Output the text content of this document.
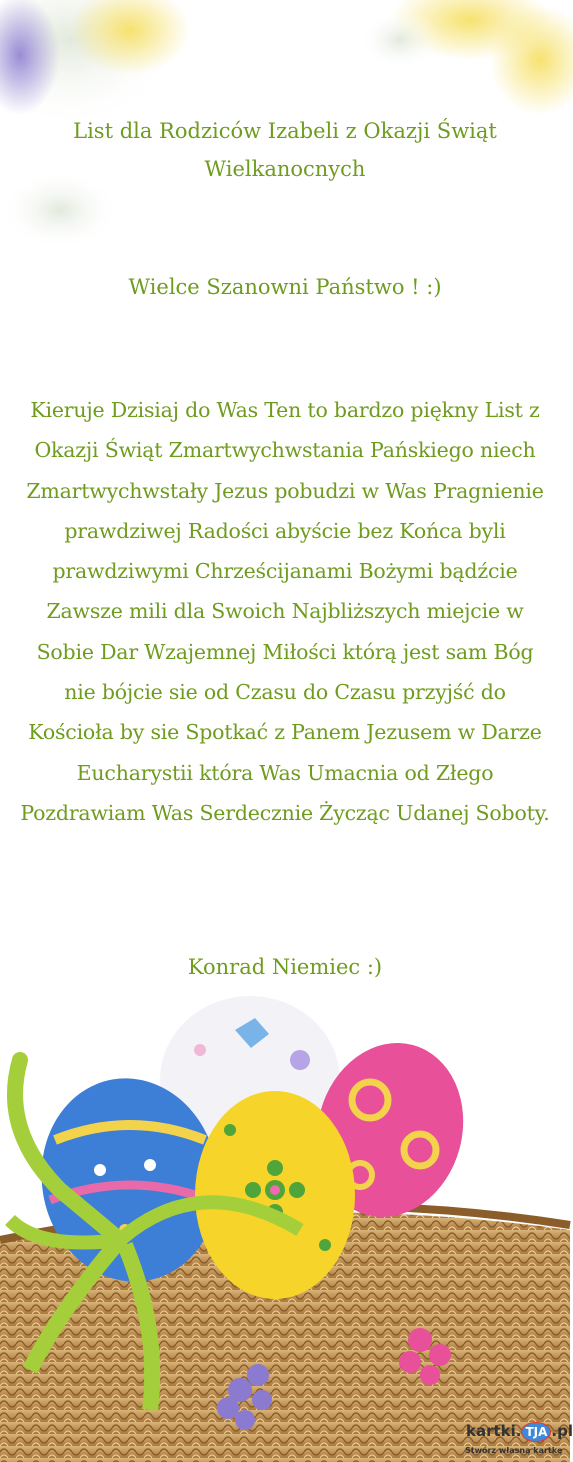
List dla Rodziców Izabeli z Okazji Świąt Wielkanocnych
Wielce Szanowni Państwo ! :)
Kieruje Dzisiaj do Was Ten to bardzo piękny List z Okazji Świąt Zmartwychwstania Pańskiego niech Zmartwychwstały Jezus pobudzi w Was Pragnienie prawdziwej Radości abyście bez Końca byli prawdziwymi Chrześcijanami Bożymi bądźcie Zawsze mili dla Swoich Najbliższych miejcie w Sobie Dar Wzajemnej Miłości którą jest sam Bóg nie bójcie sie od Czasu do Czasu przyjść do Kościoła by sie Spotkać z Panem Jezusem w Darze Eucharystii która Was Umacnia od Złego Pozdrawiam Was Serdecznie Życząc Udanej Soboty.
Konrad Niemiec :)
kartki. TJA .pl
Stwórz własną kartkę
